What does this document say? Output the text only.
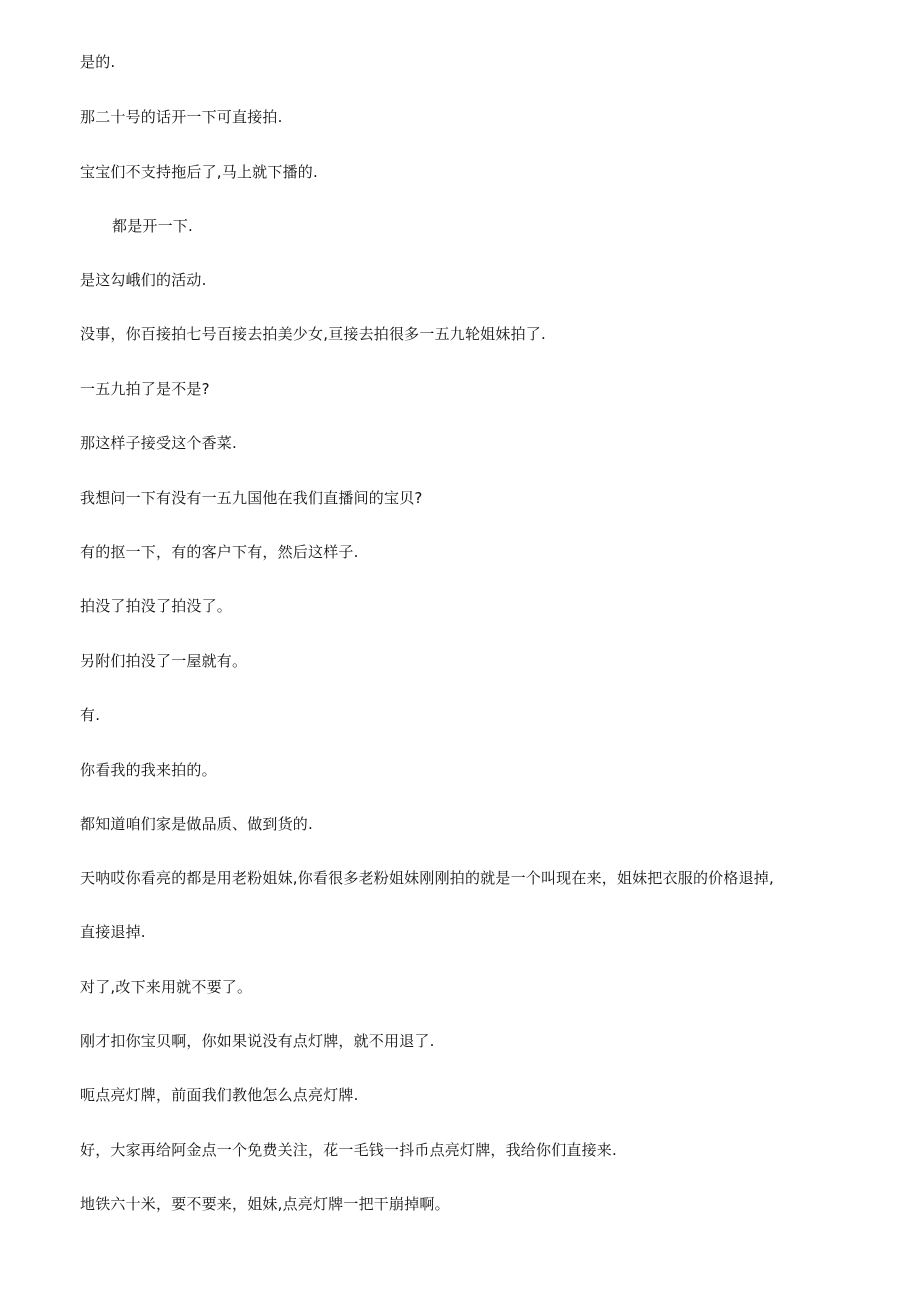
是的.
那二十号的话开一下可直接拍.
宝宝们不支持拖后了,马上就下播的.
都是开一下.
是这勾峨们的活动.
没事，你百接拍七号百接去拍美少女,亘接去拍很多一五九轮姐妹拍了.
一五九拍了是不是?
那这样子接受这个香菜.
我想问一下有没有一五九国他在我们直播间的宝贝?
有的抠一下，有的客户下有，然后这样子.
拍没了拍没了拍没了。
另附们拍没了一屋就有。
有.
你看我的我来拍的。
都知道咱们家是做品质、做到货的.
天呐哎你看亮的都是用老粉姐妹,你看很多老粉姐妹刚刚拍的就是一个叫现在来，姐妹把衣服的价格退掉,
直接退掉.
对了,改下来用就不要了。
刚才扣你宝贝啊，你如果说没有点灯牌，就不用退了.
呃点亮灯牌，前面我们教他怎么点亮灯牌.
好，大家再给阿金点一个免费关注，花一毛钱一抖币点亮灯牌，我给你们直接来.
地铁六十米，要不要来，姐妹,点亮灯牌一把干崩掉啊。
